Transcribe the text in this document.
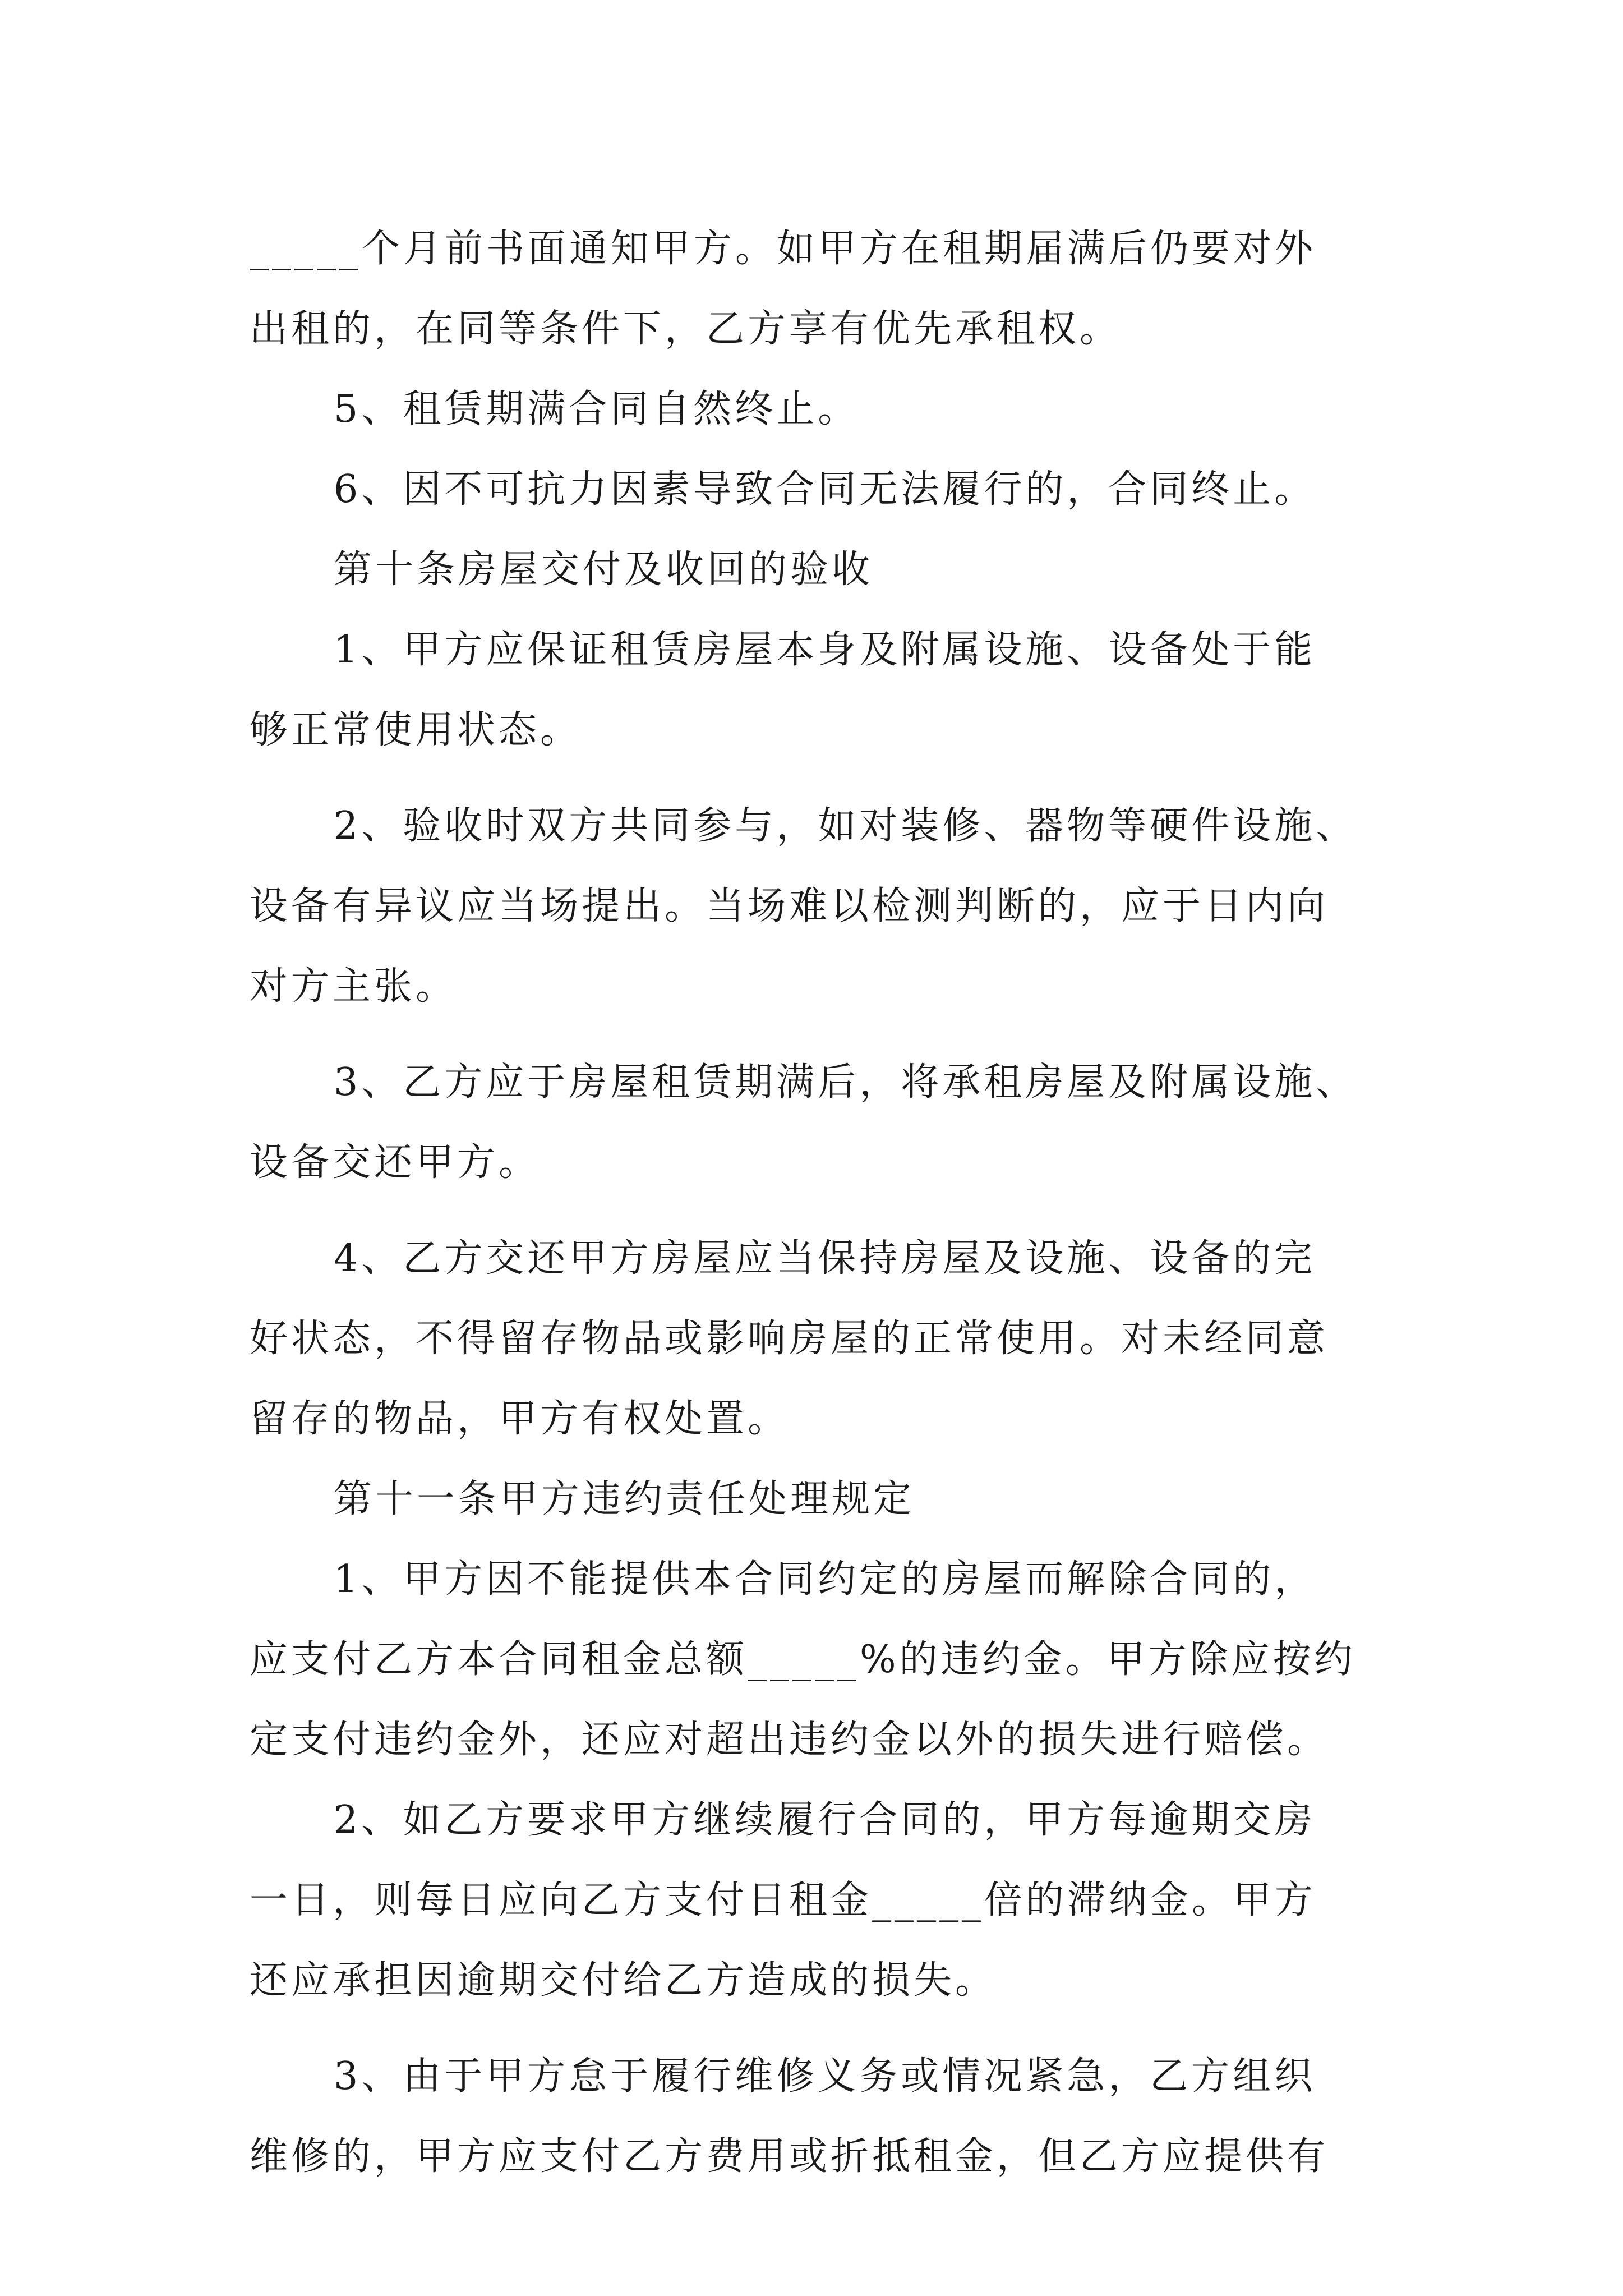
_____个月前书面通知甲方。如甲方在租期届满后仍要对外
出租的，在同等条件下，乙方享有优先承租权。
5、租赁期满合同自然终止。
6、因不可抗力因素导致合同无法履行的，合同终止。
第十条房屋交付及收回的验收
1、甲方应保证租赁房屋本身及附属设施、设备处于能
够正常使用状态。
2、验收时双方共同参与，如对装修、器物等硬件设施、
设备有异议应当场提出。当场难以检测判断的，应于日内向
对方主张。
3、乙方应于房屋租赁期满后，将承租房屋及附属设施、
设备交还甲方。
4、乙方交还甲方房屋应当保持房屋及设施、设备的完
好状态，不得留存物品或影响房屋的正常使用。对未经同意
留存的物品，甲方有权处置。
第十一条甲方违约责任处理规定
1、甲方因不能提供本合同约定的房屋而解除合同的，
应支付乙方本合同租金总额_____%的违约金。甲方除应按约
定支付违约金外，还应对超出违约金以外的损失进行赔偿。
2、如乙方要求甲方继续履行合同的，甲方每逾期交房
一日，则每日应向乙方支付日租金_____倍的滞纳金。甲方
还应承担因逾期交付给乙方造成的损失。
3、由于甲方怠于履行维修义务或情况紧急，乙方组织
维修的，甲方应支付乙方费用或折抵租金，但乙方应提供有
